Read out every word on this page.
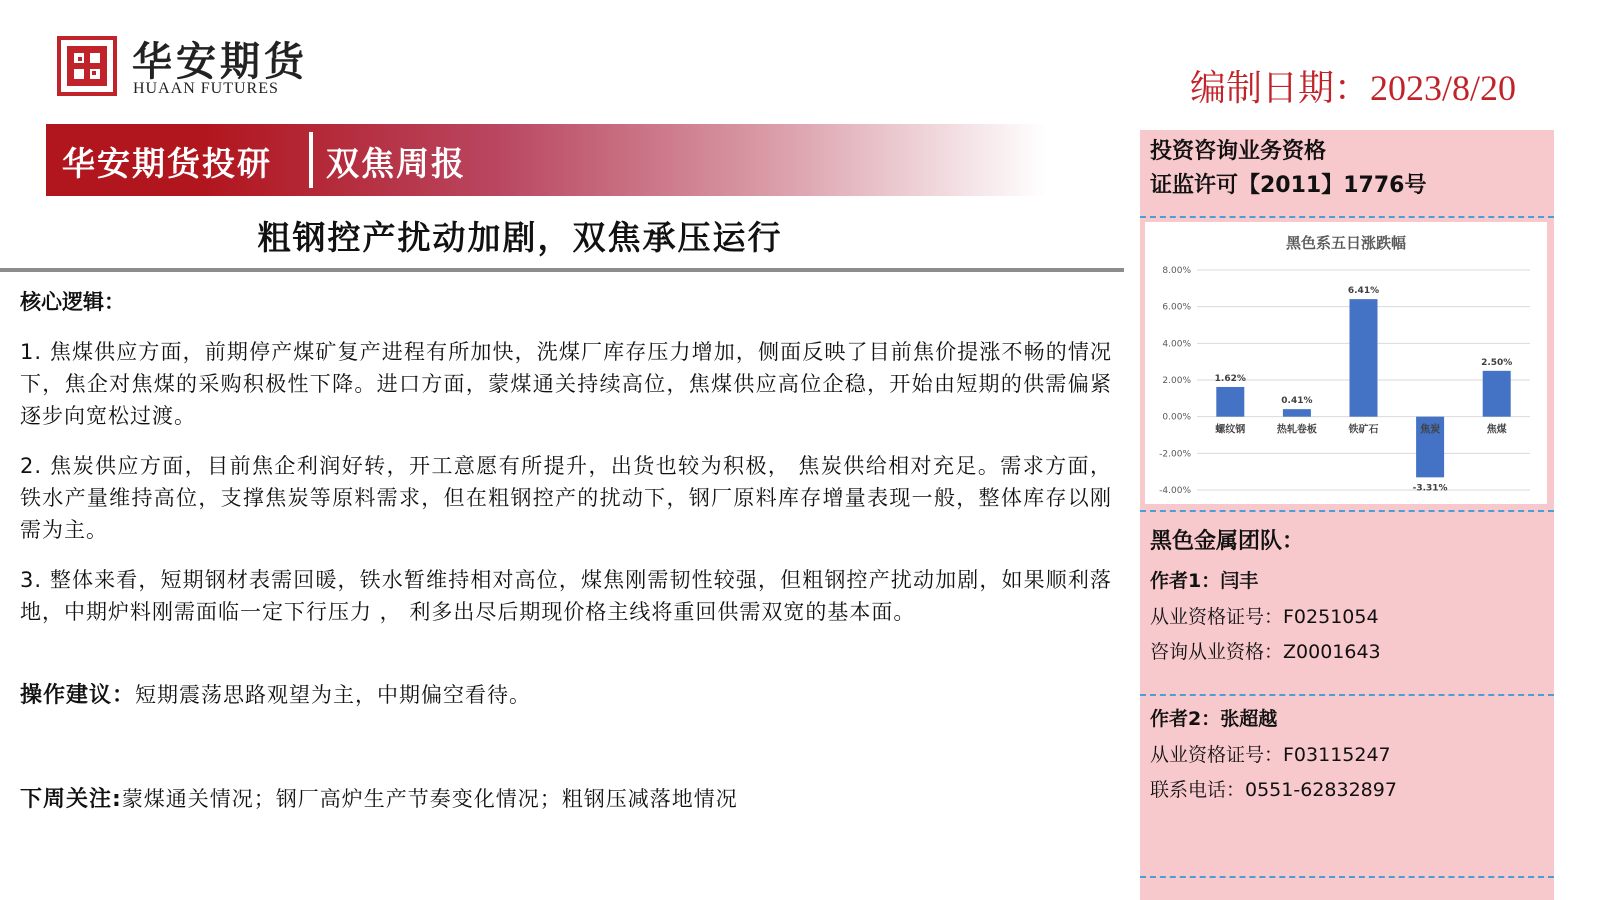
华安期货
HUAAN FUTURES	编制日期：2023/8/20
华安期货投研 双焦周报
粗钢控产扰动加剧，双焦承压运行
核心逻辑：
1. 焦煤供应方面，前期停产煤矿复产进程有所加快，洗煤厂库存压力增加，侧面反映了目前焦价提涨不畅的情况下，焦企对焦煤的采购积极性下降。进口方面，蒙煤通关持续高位，焦煤供应高位企稳，开始由短期的供需偏紧逐步向宽松过渡。
2. 焦炭供应方面，目前焦企利润好转，开工意愿有所提升，出货也较为积极， 焦炭供给相对充足。需求方面，铁水产量维持高位，支撑焦炭等原料需求，但在粗钢控产的扰动下，钢厂原料库存增量表现一般，整体库存以刚需为主。
3. 整体来看，短期钢材表需回暖，铁水暂维持相对高位，煤焦刚需韧性较强，但粗钢控产扰动加剧，如果顺利落地，中期炉料刚需面临一定下行压力 ， 利多出尽后期现价格主线将重回供需双宽的基本面。
操作建议：短期震荡思路观望为主，中期偏空看待。
下周关注:蒙煤通关情况；钢厂高炉生产节奏变化情况；粗钢压减落地情况
投资咨询业务资格
证监许可【2011】1776号
黑色系五日涨跌幅
8.00%
6.00%
4.00%
2.00%
0.00%
-2.00%
-4.00%
1.62%
螺纹钢
0.41%
热轧卷板
6.41%
铁矿石
-3.31%
焦炭
2.50%
焦煤
黑色金属团队：
作者1：闫丰
从业资格证号：F0251054
咨询从业资格：Z0001643
作者2：张超越
从业资格证号：F03115247
联系电话：0551-62832897
